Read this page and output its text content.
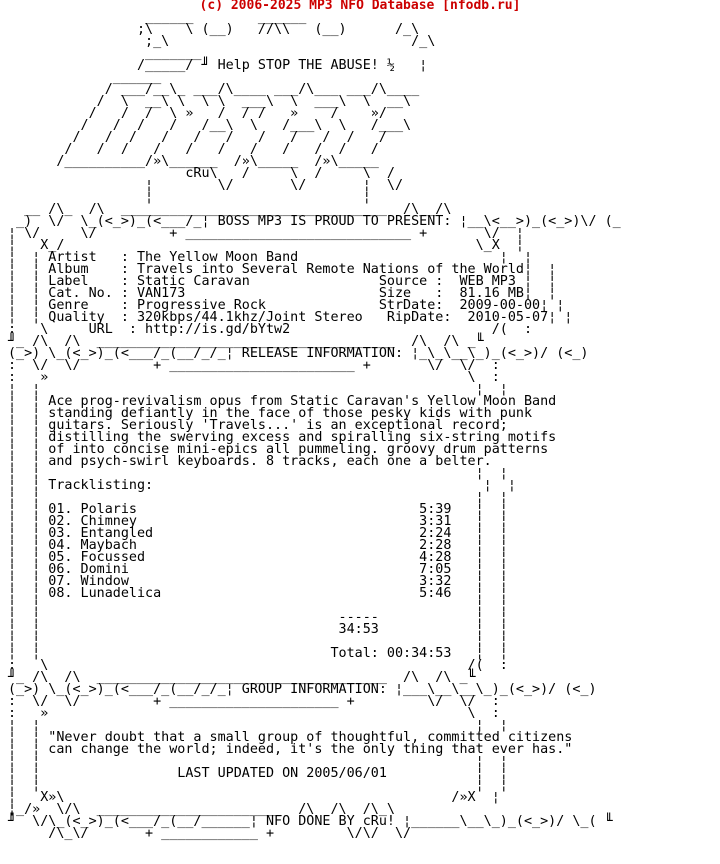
(c) 2006-2025 MP3 NFO Database [nfodb.ru]
______        ______
;\    \ (__)   //\\   (__)      /_\
;_\                              /_\
_______
/_____/ ╜ Help STOP THE ABUSE! ½   ¦
______
/ ___/__\_ ___/\____ ___/\___ ___/\____
/  \  __\ \  \ \  ___\  \  ___\  \  __\
/   /  /  \ »   /  / /   »    /    »/
/   /  /   /   /__\  \   /___\  \   /___\
/   /  /   /   /   /   /   /   /  /   /
/   /  /   /   /   /   /   /   /  /   /
/__________/»\______  /»\_____  /»\_____
cRu\   /     \  /     \  /
¦        \/       \/       ¦  \/
¦                          ¦
__ /\_  /\  _________________________________  /\__/\
_)  \/  \_(<_>)_(<___/_¦ BOSS MP3 IS PROUD TO PRESENT: ¦__\<__>)_(<_>)\/ (_
¦ \/     \/         + ____________________________ +       \/  ¦
¦   X_/                                                   \_X  ¦
¦  ¦ Artist   : The Yellow Moon Band                         ¦  ¦
¦  ¦ Album    : Travels into Several Remote Nations of the World¦  ¦
¦  ¦ Label    : Static Caravan                Source :  WEB MP3 ¦  ¦
¦  ¦ Cat. No. : VAN173                        Size   :  81.16 MB¦  ¦
¦  ¦ Genre    : Progressive Rock              StrDate:  2009-00-00¦ ¦
¦  ¦ Quality  : 320kbps/44.1khz/Joint Stereo   RipDate:  2010-05-07¦ ¦
:   \     URL  : http://is.gd/bYtw2                         /(  :
╜_ /\  /\  _____________________________________  /\  /\ _╙
(_>) \_(<_>)_(<___/_(__/_/_¦ RELEASE INFORMATION: ¦_\_\__\_)_(<_>)/ (<_)
:  \/  \/         + _______________________ +       \/  \/  :
:   »                                                    \  :
¦  ¦                                                      ¦  ¦
¦  ¦ Ace prog-revivalism opus from Static Caravan's Yellow Moon Band
¦  ¦ standing defiantly in the face of those pesky kids with punk
¦  ¦ guitars. Seriously 'Travels...' is an exceptional record;
¦  ¦ distilling the swerving excess and spiralling six-string motifs
¦  ¦ of into concise mini-epics all pummeling. groovy drum patterns
¦  ¦ and psych-swirl keyboards. 8 tracks, each one a belter.
¦  ¦                                                      ¦  ¦
¦  ¦ Tracklisting:                                         ¦  ¦
¦  ¦                                                      ¦  ¦
¦  ¦ 01. Polaris                                   5:39   ¦  ¦
¦  ¦ 02. Chimney                                   3:31   ¦  ¦
¦  ¦ 03. Entangled                                 2:24   ¦  ¦
¦  ¦ 04. Maybach                                   2:28   ¦  ¦
¦  ¦ 05. Focussed                                  4:28   ¦  ¦
¦  ¦ 06. Domini                                    7:05   ¦  ¦
¦  ¦ 07. Window                                    3:32   ¦  ¦
¦  ¦ 08. Lunadelica                                5:46   ¦  ¦
¦  ¦                                                      ¦  ¦
¦  ¦                                     -----            ¦  ¦
¦  ¦                                     34:53            ¦  ¦
¦  ¦                                                      ¦  ¦
¦  ¦                                    Total: 00:34:53   ¦  ¦
:   \                                                    /(  :
╜_ /\  /\  ____________________________________  /\  /\ _╙
(_>) \_(<_>)_(<___/_(__/_/_¦ GROUP INFORMATION: ¦___\__\__\_)_(<_>)/ (<_)
:  \/  \/         + _____________________ +         \/  \/  :
:   »                                                    \  :
¦  ¦                                                      ¦  ¦
¦  ¦ "Never doubt that a small group of thoughtful, committed citizens
¦  ¦ can change the world; indeed, it's the only thing that ever has."
¦  ¦                                                      ¦  ¦
¦  ¦                 LAST UPDATED ON 2005/06/01           ¦  ¦
¦  ¦                                                      ¦  ¦
¦   X»\                                                /»X  ¦
¦_/»  \/\  _______________________  /\  /\  /\_\
╜  \/\_(<_>)_(<___/_(__/______¦ NFO DONE BY cRu! ¦______\__\_)_(<_>)/ \_( ╙
/\_\/       + ____________ +         \/\/  \/
